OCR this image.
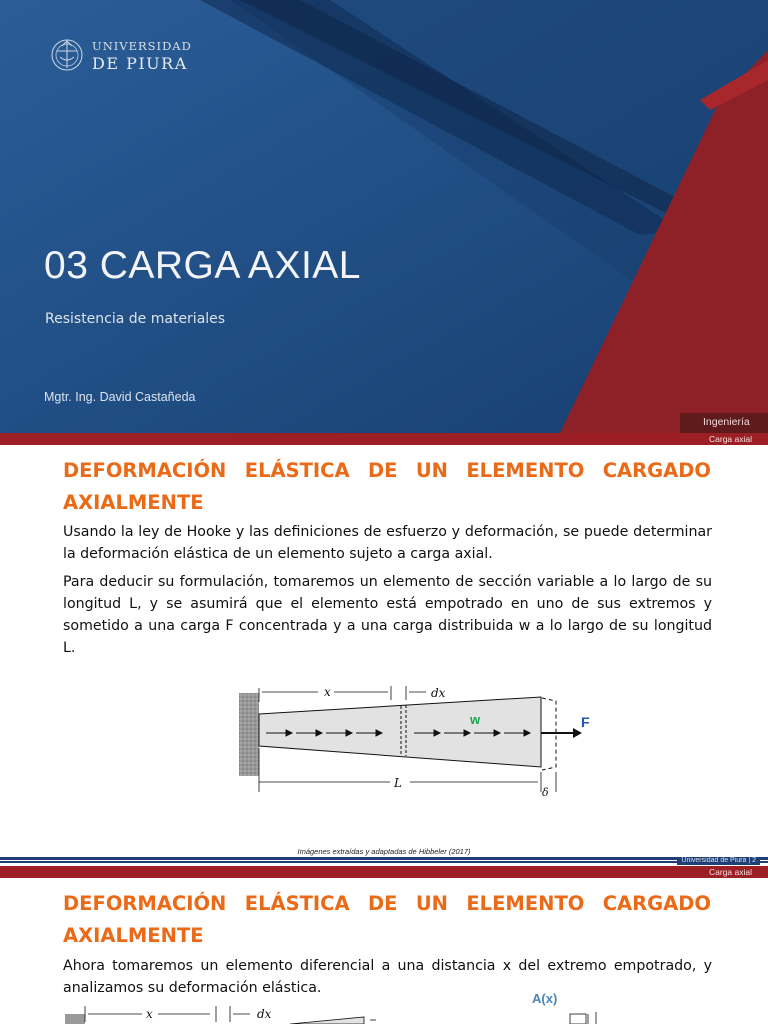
UNIVERSIDAD
DE PIURA
03 CARGA AXIAL
Resistencia de materiales
Mgtr. Ing. David Castañeda
Ingeniería
Carga axial
DEFORMACIÓN ELÁSTICA DE UN ELEMENTO CARGADO AXIALMENTE
Usando la ley de Hooke y las definiciones de esfuerzo y deformación, se puede determinar la deformación elástica de un elemento sujeto a carga axial.
Para deducir su formulación, tomaremos un elemento de sección variable a lo largo de su longitud L, y se asumirá que el elemento está empotrado en uno de sus extremos y sometido a una carga F concentrada y a una carga distribuida w a lo largo de su longitud L.
x	dx
w	F
L
δ
Imágenes extraídas y adaptadas de Hibbeler (2017)
Universidad de Piura | 2
Carga axial
DEFORMACIÓN ELÁSTICA DE UN ELEMENTO CARGADO AXIALMENTE
Ahora tomaremos un elemento diferencial a una distancia x del extremo empotrado, y analizamos su deformación elástica.
x	dx
A(x)
